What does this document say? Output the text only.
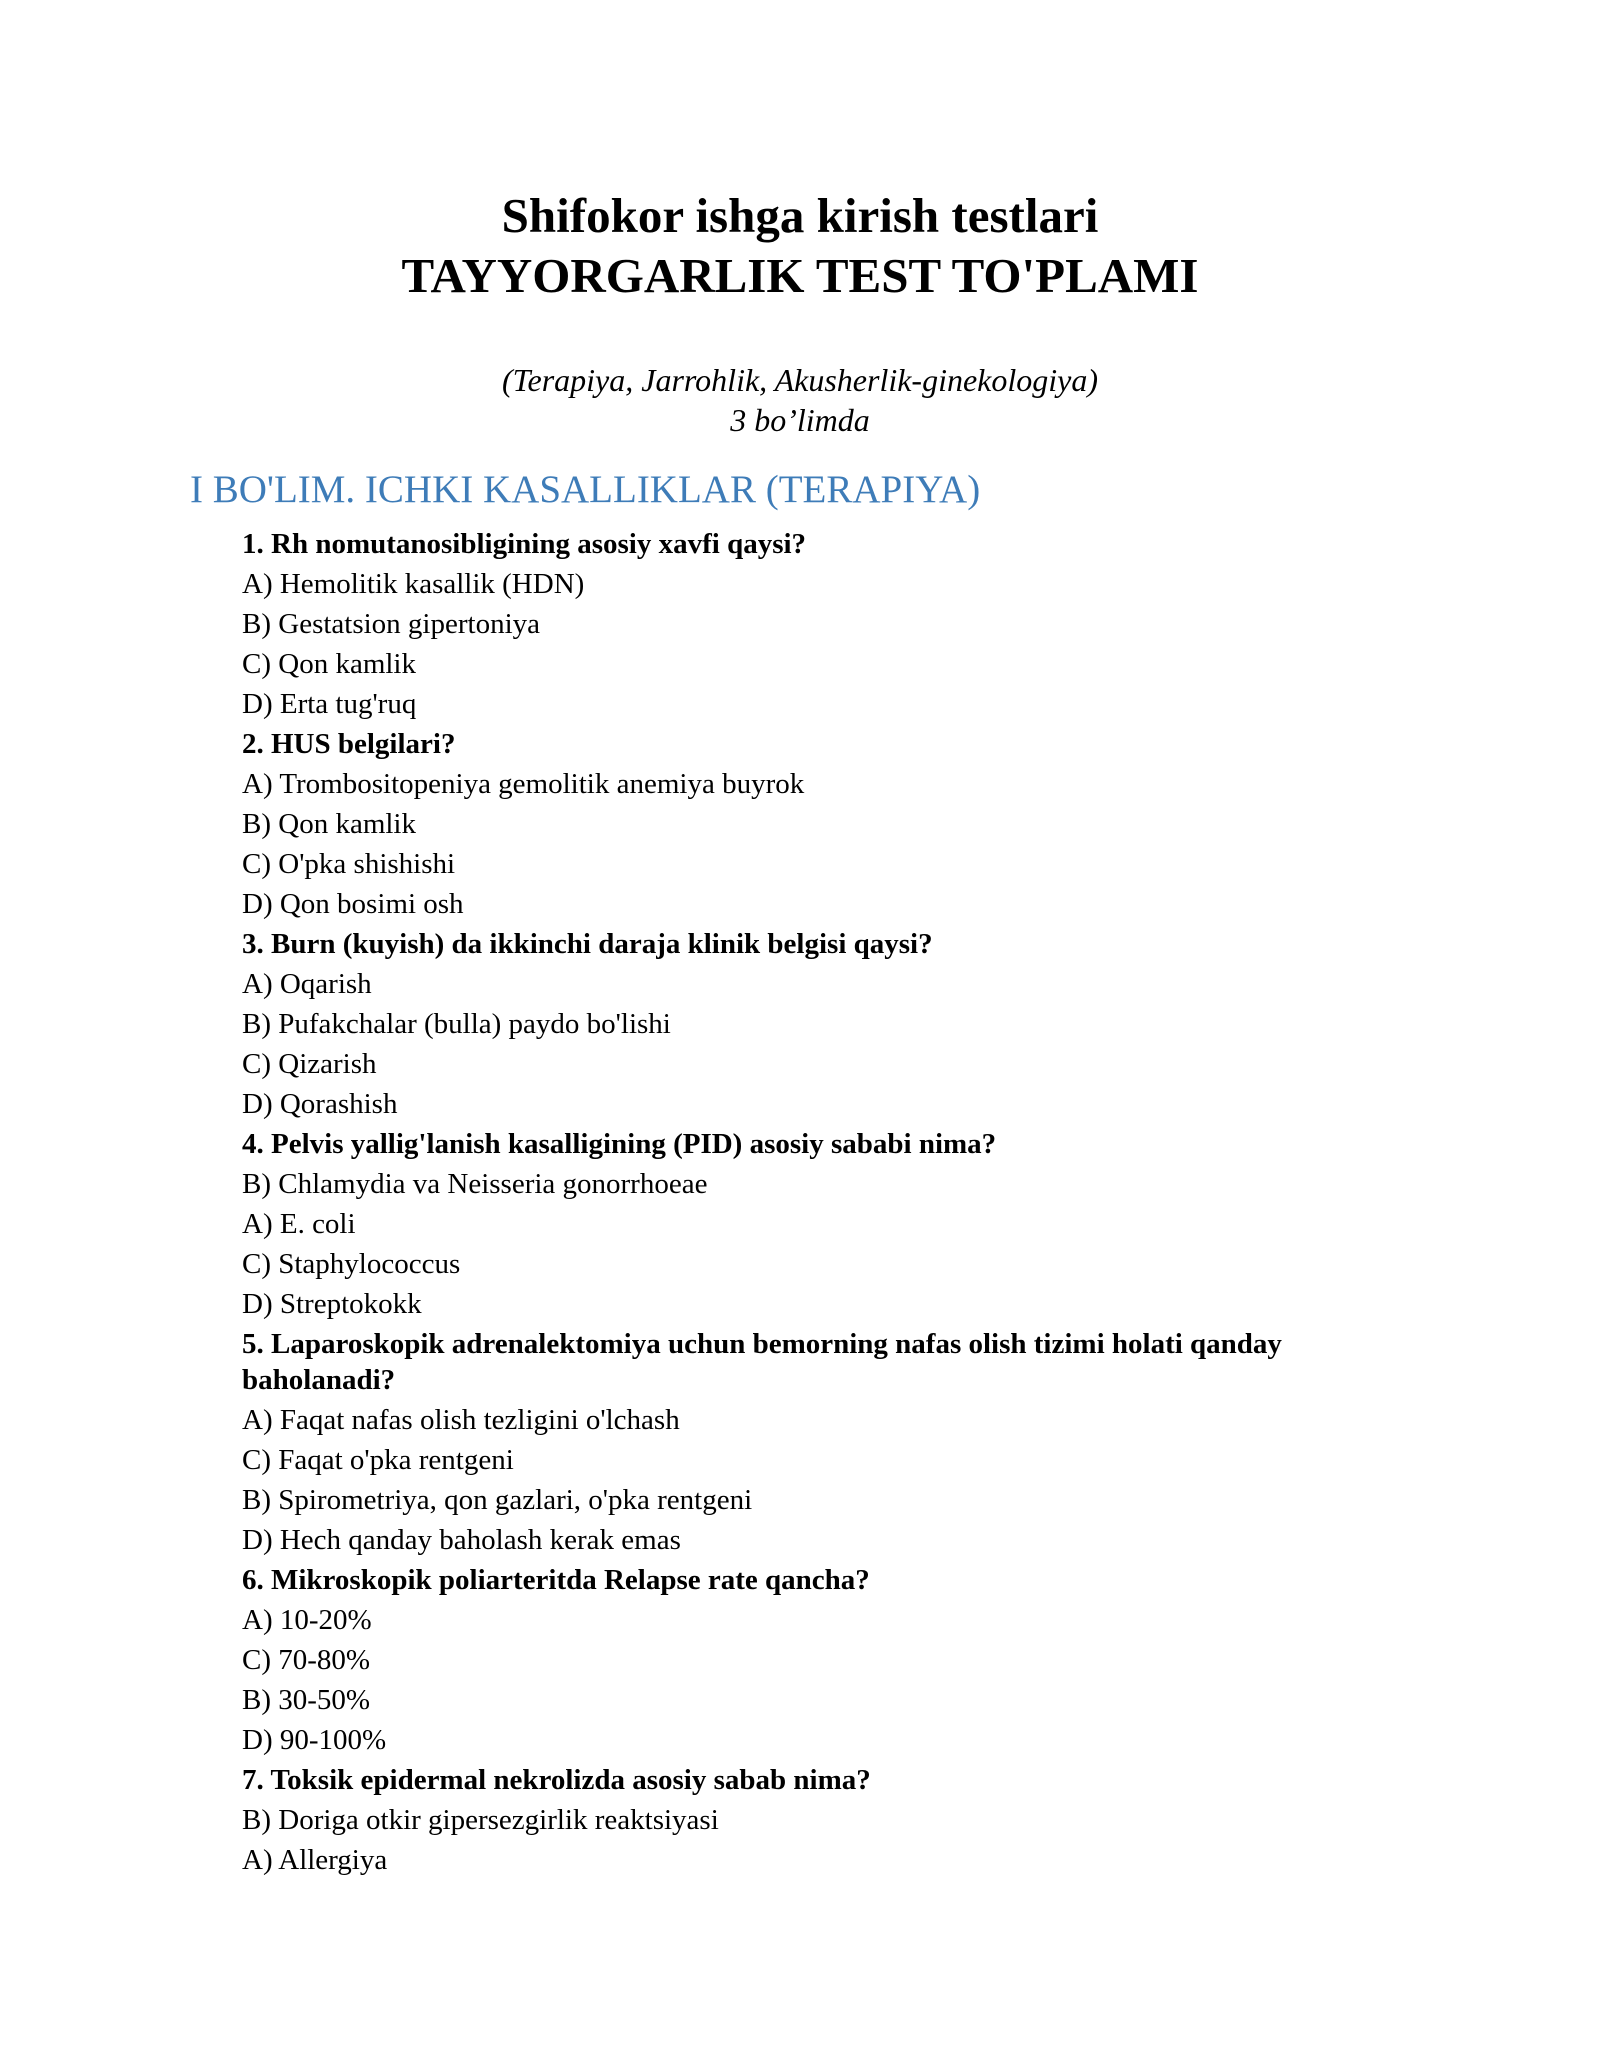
Shifokor ishga kirish testlari

TAYYORGARLIK TEST TO'PLAMI

(Terapiya, Jarrohlik, Akusherlik-ginekologiya)

3 bo’limda

I BO'LIM. ICHKI KASALLIKLAR (TERAPIYA)

1. Rh nomutanosibligining asosiy xavfi qaysi?

A) Hemolitik kasallik (HDN)

B) Gestatsion gipertoniya

C) Qon kamlik

D) Erta tug'ruq

2. HUS belgilari?

A) Trombositopeniya gemolitik anemiya buyrok

B) Qon kamlik

C) O'pka shishishi

D) Qon bosimi osh

3. Burn (kuyish) da ikkinchi daraja klinik belgisi qaysi?

A) Oqarish

B) Pufakchalar (bulla) paydo bo'lishi

C) Qizarish

D) Qorashish

4. Pelvis yallig'lanish kasalligining (PID) asosiy sababi nima?

B) Chlamydia va Neisseria gonorrhoeae

A) E. coli

C) Staphylococcus

D) Streptokokk

5. Laparoskopik adrenalektomiya uchun bemorning nafas olish tizimi holati qanday baholanadi?

A) Faqat nafas olish tezligini o'lchash

C) Faqat o'pka rentgeni

B) Spirometriya, qon gazlari, o'pka rentgeni

D) Hech qanday baholash kerak emas

6. Mikroskopik poliarteritda Relapse rate qancha?

A) 10-20%

C) 70-80%

B) 30-50%

D) 90-100%

7. Toksik epidermal nekrolizda asosiy sabab nima?

B) Doriga otkir gipersezgirlik reaktsiyasi

A) Allergiya
